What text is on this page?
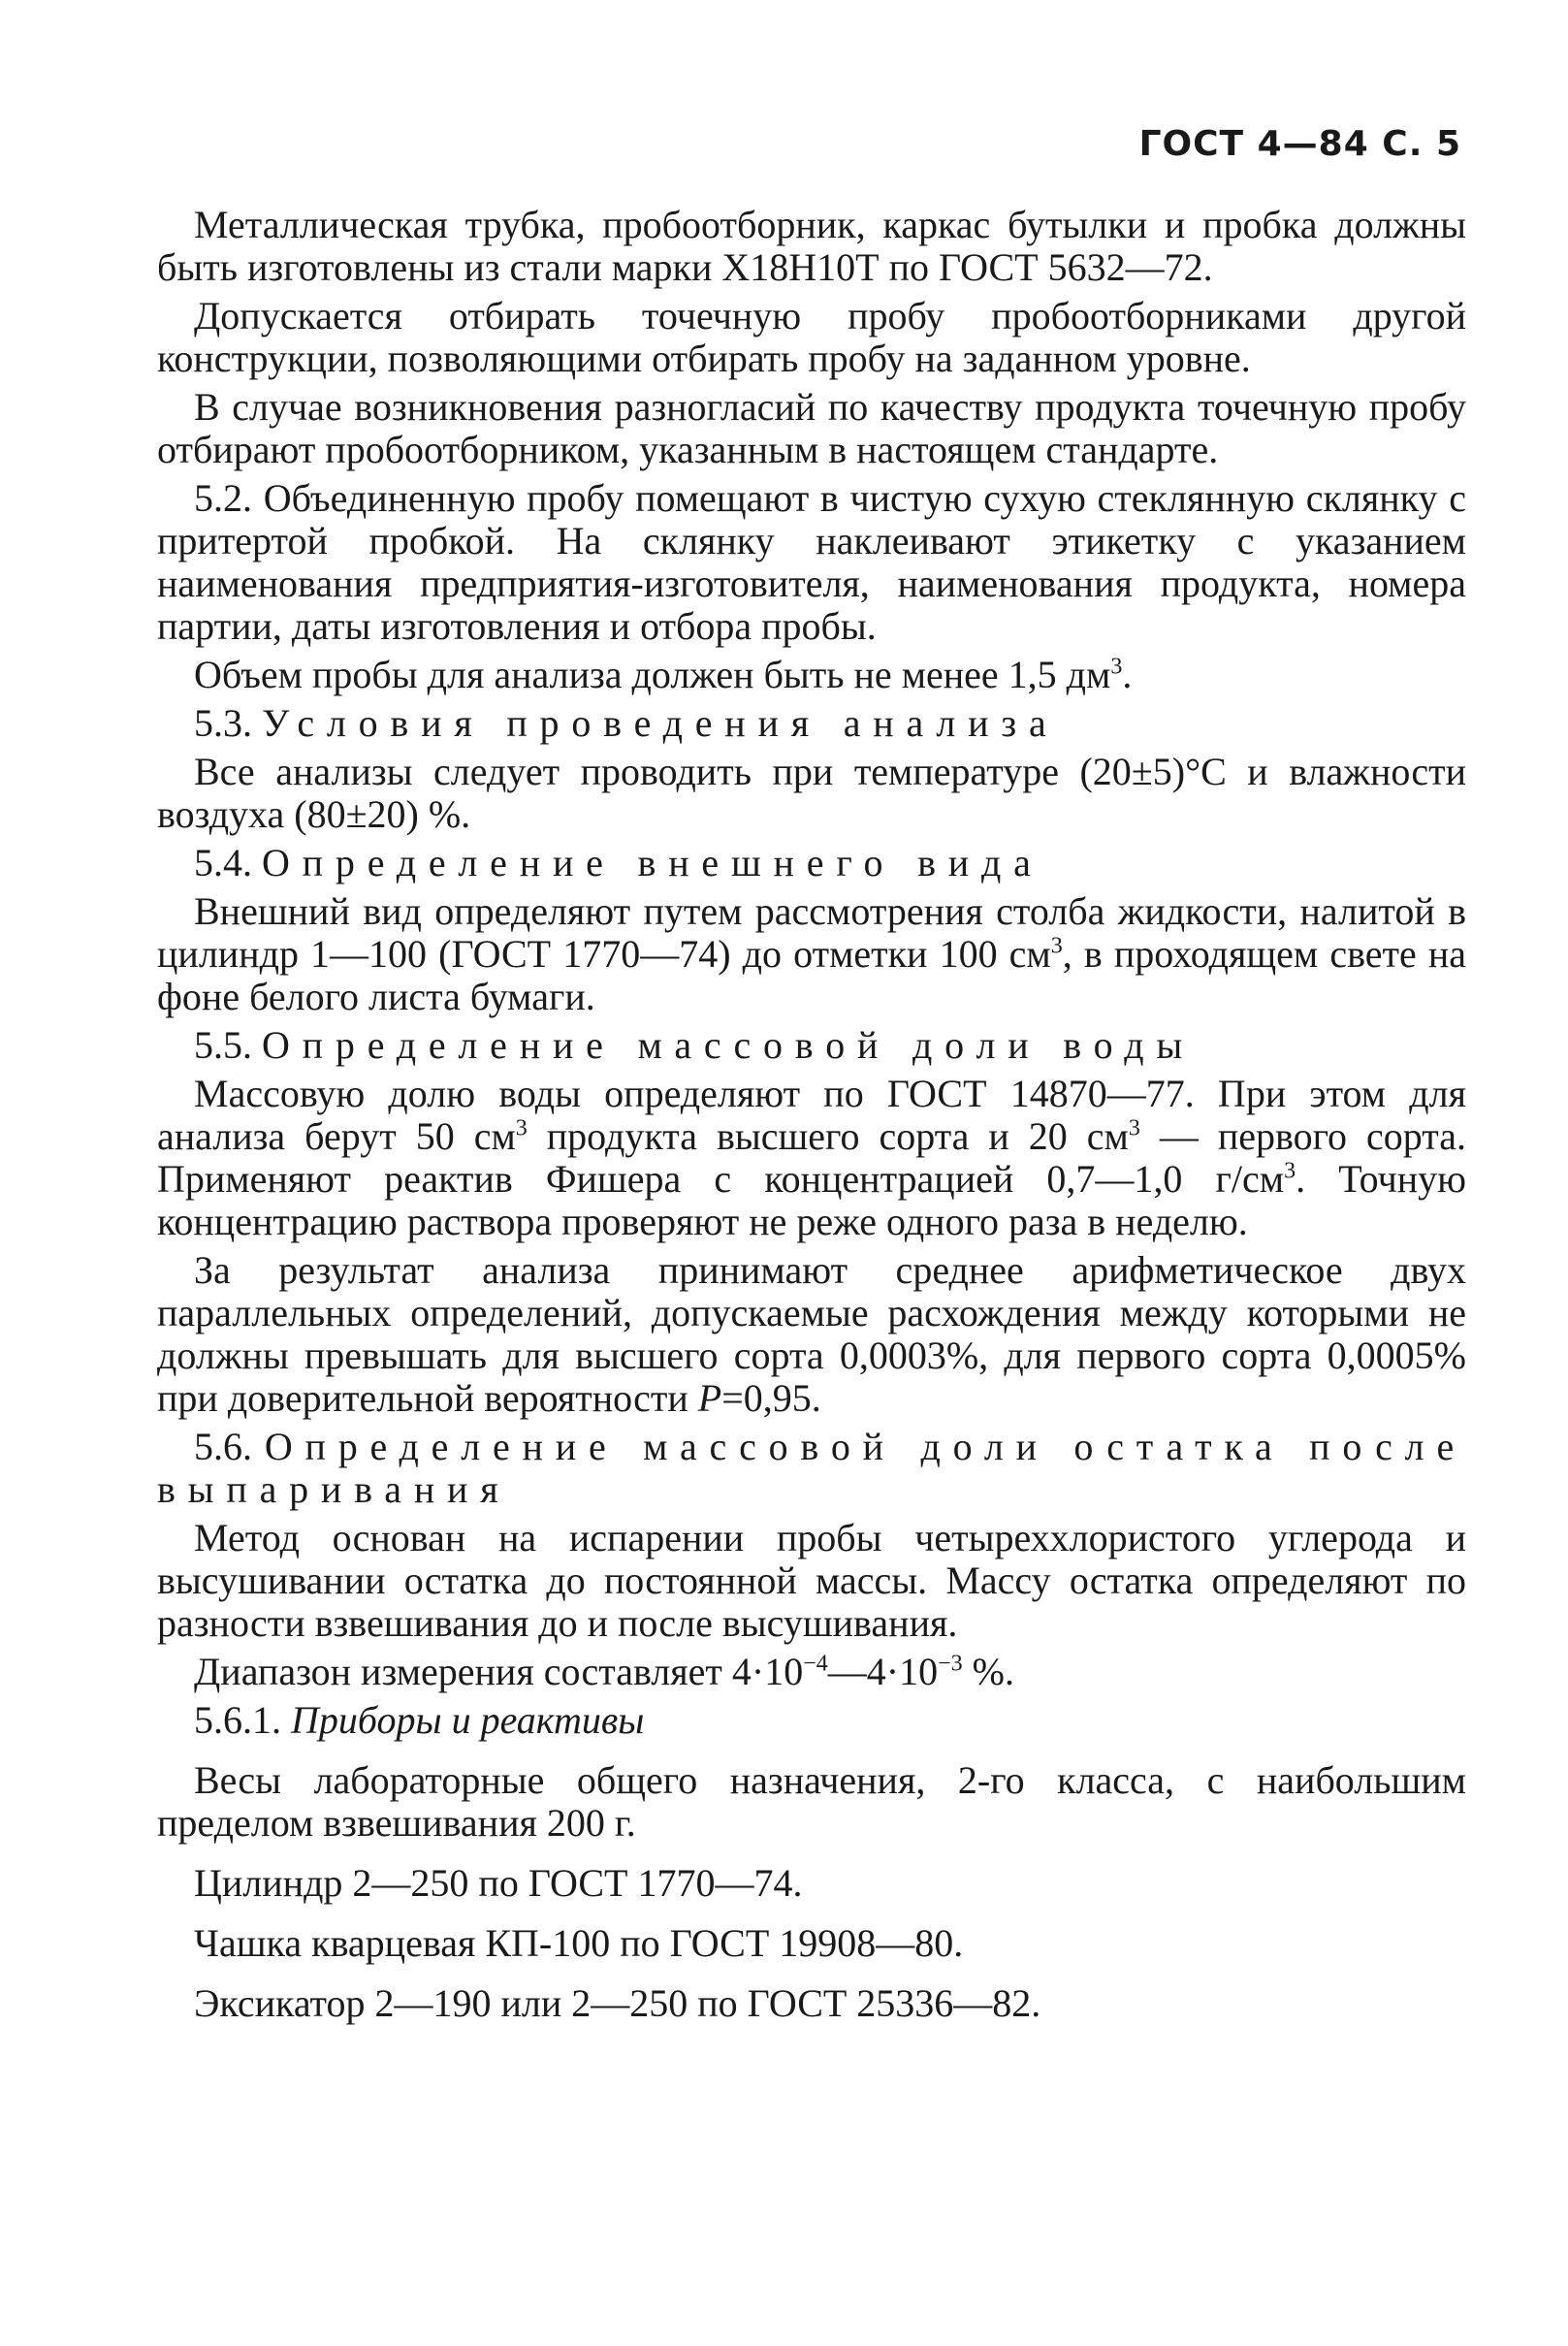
ГОСТ 4—84 С. 5

Металлическая трубка, пробоотборник, каркас бутылки и пробка должны быть изготовлены из стали марки Х18Н10Т по ГОСТ 5632—72.

Допускается отбирать точечную пробу пробоотборниками другой конструкции, позволяющими отбирать пробу на заданном уровне.

В случае возникновения разногласий по качеству продукта точечную пробу отбирают пробоотборником, указанным в настоящем стандарте.

5.2. Объединенную пробу помещают в чистую сухую стеклянную склянку с притертой пробкой. На склянку наклеивают этикетку с указанием наименования предприятия-изготовителя, наименования продукта, номера партии, даты изготовления и отбора пробы.

Объем пробы для анализа должен быть не менее 1,5 $дм^3$.

5.3. Условия проведения анализа

Все анализы следует проводить при температуре (20±5)°С и влажности воздуха (80±20) %.

5.4. Определение внешнего вида

Внешний вид определяют путем рассмотрения столба жидкости, налитой в цилиндр 1—100 (ГОСТ 1770—74) до отметки 100 $см^3$, в проходящем свете на фоне белого листа бумаги.

5.5. Определение массовой доли воды

Массовую долю воды определяют по ГОСТ 14870—77. При этом для анализа берут 50 $см^3$ продукта высшего сорта и 20 $см^3$ — первого сорта. Применяют реактив Фишера с концентрацией 0,7—1,0 $г/см^3$. Точную концентрацию раствора проверяют не реже одного раза в неделю.

За результат анализа принимают среднее арифметическое двух параллельных определений, допускаемые расхождения между которыми не должны превышать для высшего сорта 0,0003%, для первого сорта 0,0005% при доверительной вероятности Р=0,95.

5.6. Определение массовой доли остатка после выпаривания

Метод основан на испарении пробы четыреххлористого углерода и высушивании остатка до постоянной массы. Массу остатка определяют по разности взвешивания до и после высушивания.

Диапазон измерения составляет $4\cdot 10^{-4}—4\cdot 10^{-3}$ %.

5.6.1. Приборы и реактивы

Весы лабораторные общего назначения, 2-го класса, с наибольшим пределом взвешивания 200 г.

Цилиндр 2—250 по ГОСТ 1770—74.

Чашка кварцевая КП-100 по ГОСТ 19908—80.

Эксикатор 2—190 или 2—250 по ГОСТ 25336—82.
